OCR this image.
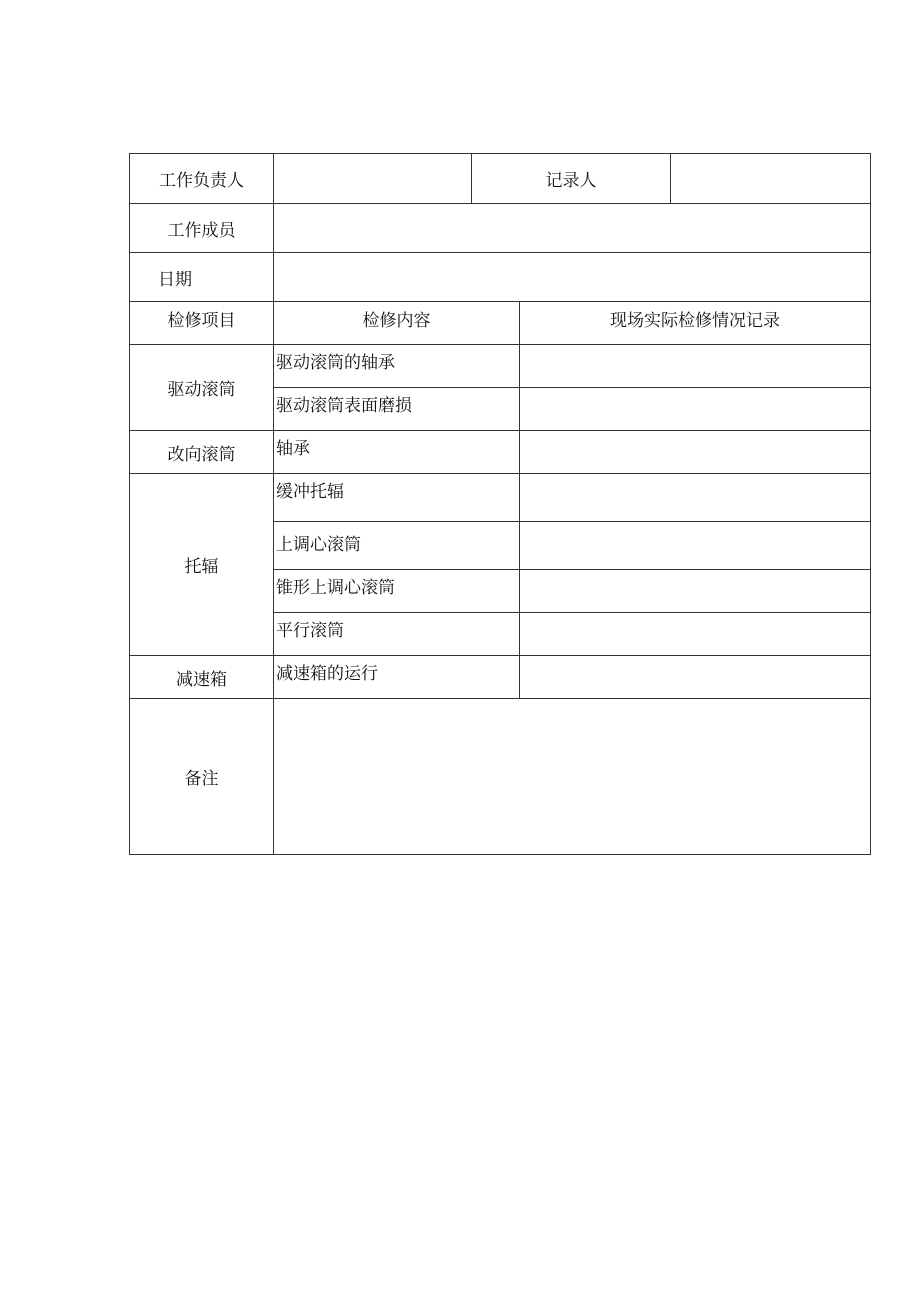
工作负责人		记录人		
工作成员				
日期				
检修项目	检修内容		现场实际检修情况记录	
驱动滚筒	驱动滚筒的轴承			
	驱动滚筒表面磨损			
改向滚筒	轴承			
托辐	缓冲托辐			
	上调心滚筒			
	锥形上调心滚筒			
	平行滚筒			
减速箱	减速箱的运行			
备注				
